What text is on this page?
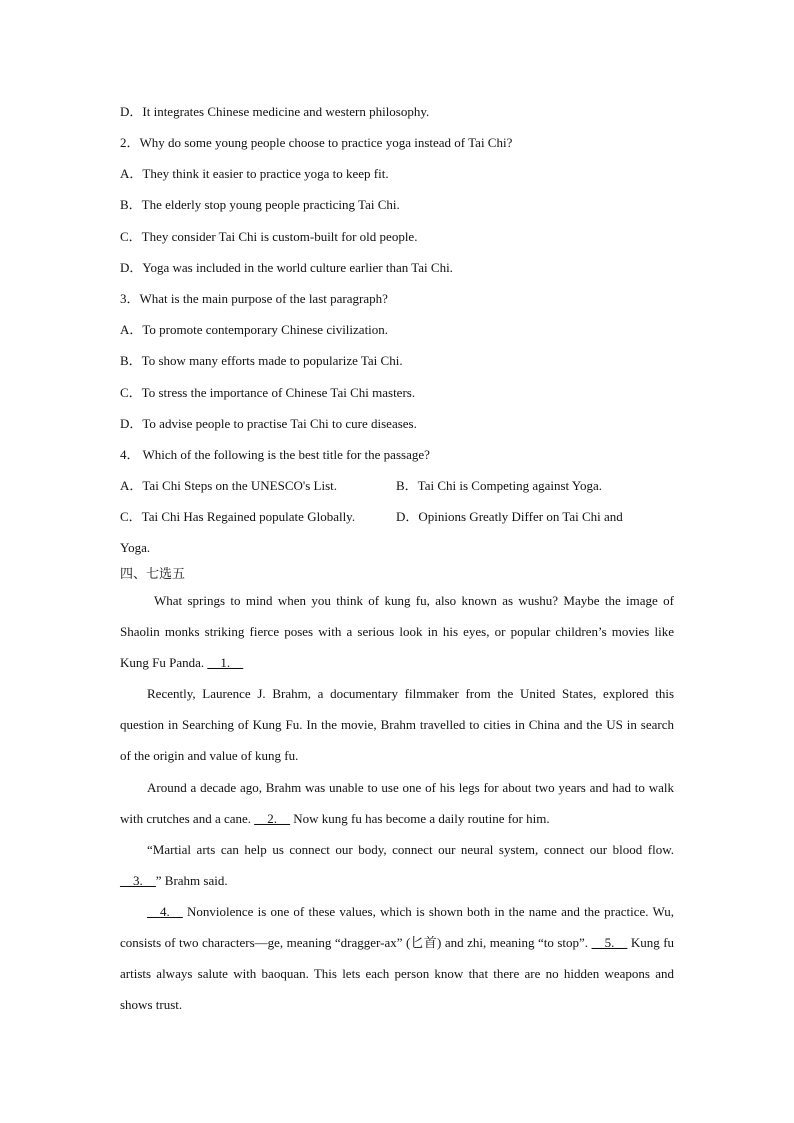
D．It integrates Chinese medicine and western philosophy.
2．Why do some young people choose to practice yoga instead of Tai Chi?
A．They think it easier to practice yoga to keep fit.
B．The elderly stop young people practicing Tai Chi.
C．They consider Tai Chi is custom-built for old people.
D．Yoga was included in the world culture earlier than Tai Chi.
3．What is the main purpose of the last paragraph?
A．To promote contemporary Chinese civilization.
B．To show many efforts made to popularize Tai Chi.
C．To stress the importance of Chinese Tai Chi masters.
D．To advise people to practise Tai Chi to cure diseases.
4． Which of the following is the best title for the passage?
A．Tai Chi Steps on the UNESCO's List.	B．Tai Chi is Competing against Yoga.
C．Tai Chi Has Regained populate Globally.	D．Opinions Greatly Differ on Tai Chi and
Yoga.
四、七选五
What springs to mind when you think of kung fu, also known as wushu? Maybe the image of Shaolin monks striking fierce poses with a serious look in his eyes, or popular children’s movies like Kung Fu Panda. __1.__
Recently, Laurence J. Brahm, a documentary filmmaker from the United States, explored this question in Searching of Kung Fu. In the movie, Brahm travelled to cities in China and the US in search of the origin and value of kung fu.
Around a decade ago, Brahm was unable to use one of his legs for about two years and had to walk with crutches and a cane. __2.__ Now kung fu has become a daily routine for him.
“Martial arts can help us connect our body, connect our neural system, connect our blood flow. __3.__” Brahm said.
__4.__ Nonviolence is one of these values, which is shown both in the name and the practice. Wu, consists of two characters—ge, meaning “dragger-ax” (匕首) and zhi, meaning “to stop”. __5.__ Kung fu artists always salute with baoquan. This lets each person know that there are no hidden weapons and shows trust.
